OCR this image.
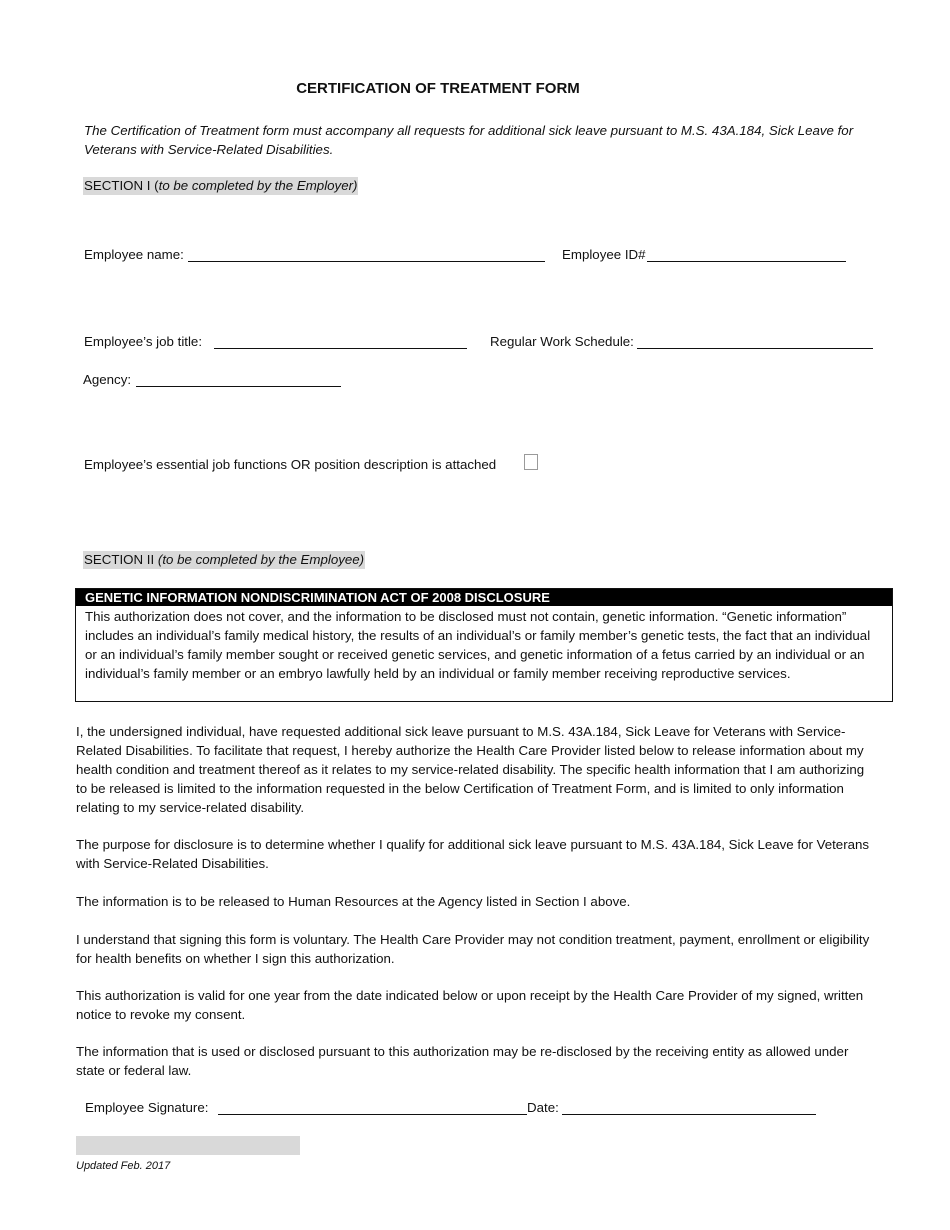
CERTIFICATION OF TREATMENT FORM
The Certification of Treatment form must accompany all requests for additional sick leave pursuant to M.S. 43A.184, Sick Leave for Veterans with Service-Related Disabilities.
SECTION I (to be completed by the Employer)
Employee name:	Employee ID#
Employee’s job title:	Regular Work Schedule:
Agency:
Employee’s essential job functions OR position description is attached
SECTION II (to be completed by the Employee)
GENETIC INFORMATION NONDISCRIMINATION ACT OF 2008 DISCLOSURE
This authorization does not cover, and the information to be disclosed must not contain, genetic information. “Genetic information” includes an individual’s family medical history, the results of an individual’s or family member’s genetic tests, the fact that an individual or an individual’s family member sought or received genetic services, and genetic information of a fetus carried by an individual or an individual’s family member or an embryo lawfully held by an individual or family member receiving reproductive services.
I, the undersigned individual, have requested additional sick leave pursuant to M.S. 43A.184, Sick Leave for Veterans with Service-Related Disabilities. To facilitate that request, I hereby authorize the Health Care Provider listed below to release information about my health condition and treatment thereof as it relates to my service-related disability. The specific health information that I am authorizing to be released is limited to the information requested in the below Certification of Treatment Form, and is limited to only information relating to my service-related disability.
The purpose for disclosure is to determine whether I qualify for additional sick leave pursuant to M.S. 43A.184, Sick Leave for Veterans with Service-Related Disabilities.
The information is to be released to Human Resources at the Agency listed in Section I above.
I understand that signing this form is voluntary. The Health Care Provider may not condition treatment, payment, enrollment or eligibility for health benefits on whether I sign this authorization.
This authorization is valid for one year from the date indicated below or upon receipt by the Health Care Provider of my signed, written notice to revoke my consent.
The information that is used or disclosed pursuant to this authorization may be re-disclosed by the receiving entity as allowed under state or federal law.
Employee Signature:	Date:
Updated Feb. 2017
